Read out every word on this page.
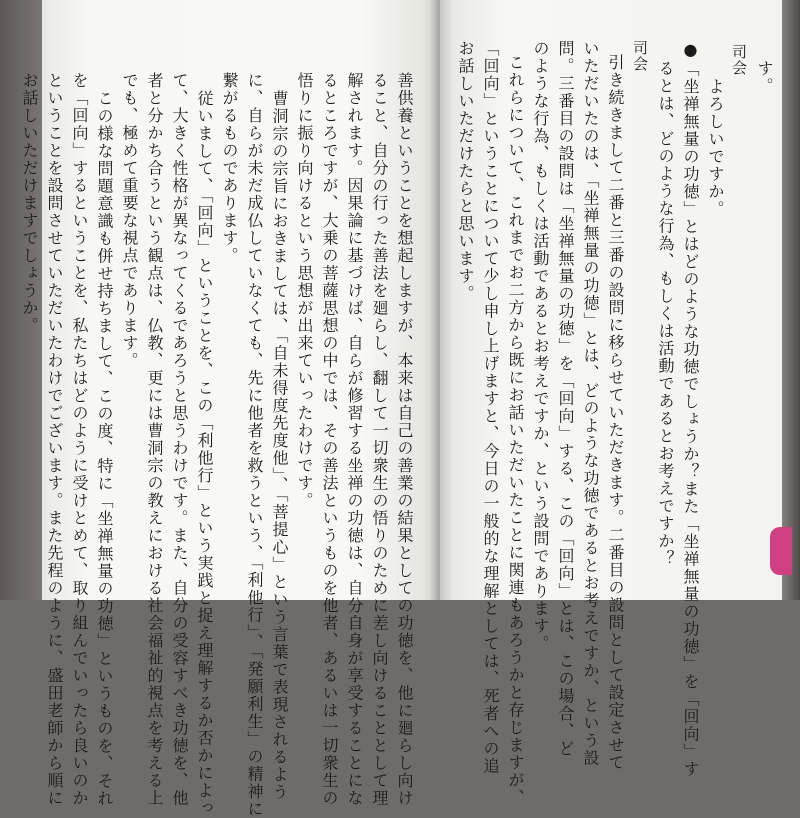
善供養ということを想起しますが、本来は自己の善業の結果としての功徳を、他に廻らし向け
ること、自分の行った善法を廻らし、翻して一切衆生の悟りのために差し向けることとして理
解されます。因果論に基づけば、自らが修習する坐禅の功徳は、自分自身が享受することにな
るところですが、大乗の菩薩思想の中では、その善法というものを他者、あるいは一切衆生の
悟りに振り向けるという思想が出来ていったわけです。
曹洞宗の宗旨におきましては、「自未得度先度他」、「菩提心」という言葉で表現されるよう
に、自らが未だ成仏していなくても、先に他者を救うという、「利他行」、「発願利生」の精神に
繋がるものであります。
従いまして、「回向」ということを、この「利他行」という実践と捉え理解するか否かによっ
て、大きく性格が異なってくるであろうと思うわけです。また、自分の受容すべき功徳を、他
者と分かち合うという観点は、仏教、更には曹洞宗の教えにおける社会福祉的視点を考える上
でも、極めて重要な視点であります。
この様な問題意識も併せ持ちまして、この度、特に「坐禅無量の功徳」というものを、それ
を「回向」するということを、私たちはどのように受けとめて、取り組んでいったら良いのか
ということを設問させていただいたわけでございます。また先程のように、盛田老師から順に
お話しいただけますでしょうか。	す。
司会
よろしいですか。
●「坐禅無量の功徳」とはどのような功徳でしょうか？また「坐禅無量の功徳」を「回向」す
るとは、どのような行為、もしくは活動であるとお考えですか？
司会
引き続きまして二番と三番の設問に移らせていただきます。二番目の設問として設定させて
いただいたのは、「坐禅無量の功徳」とは、どのような功徳であるとお考えですか、という設
問。三番目の設問は「坐禅無量の功徳」を「回向」する、この「回向」とは、この場合、ど
のような行為、もしくは活動であるとお考えですか、という設問であります。
これらについて、これまでお二方から既にお話いただいたことに関連もあろうかと存じますが、
「回向」ということについて少し申し上げますと、今日の一般的な理解としては、死者への追
お話しいただけたらと思います。
